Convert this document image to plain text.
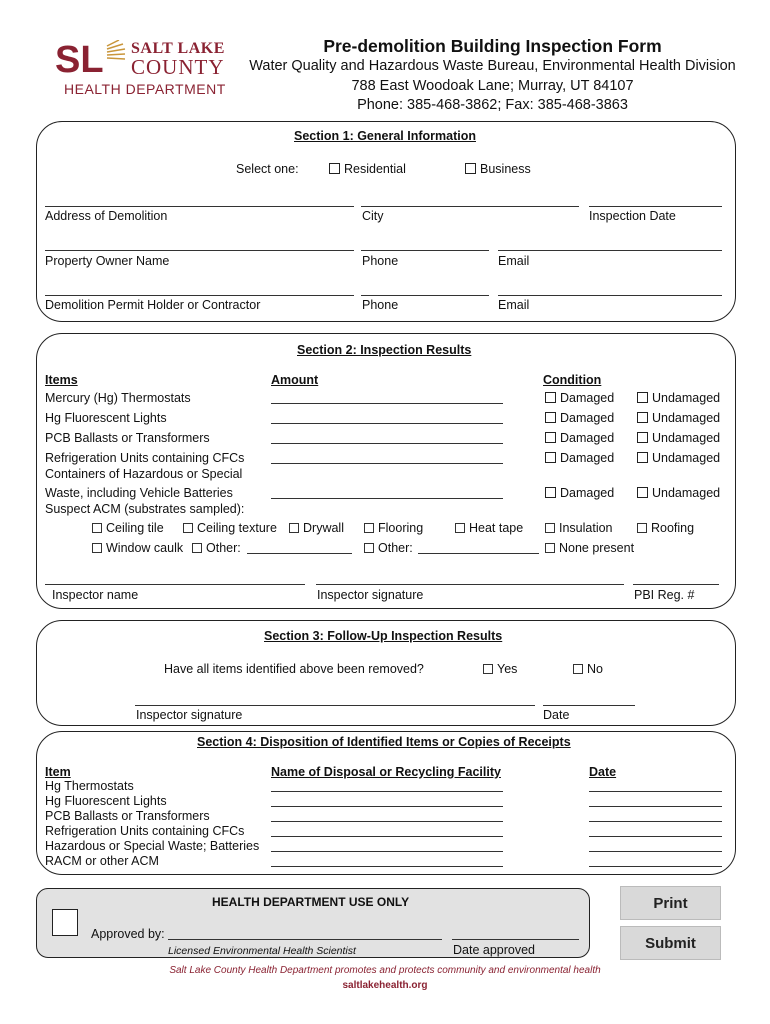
SL SALT LAKE
COUNTY
HEALTH DEPARTMENT
Pre-demolition Building Inspection Form
Water Quality and Hazardous Waste Bureau, Environmental Health Division
788 East Woodoak Lane; Murray, UT 84107
Phone: 385-468-3862; Fax: 385-468-3863
Section 1: General Information
Select one:	Residential	Business
Address of Demolition	City	Inspection Date
Property Owner Name	Phone	Email
Demolition Permit Holder or Contractor	Phone	Email
Section 2: Inspection Results
Items	Amount	Condition
Mercury (Hg) Thermostats	Damaged	Undamaged
Hg Fluorescent Lights	Damaged	Undamaged
PCB Ballasts or Transformers	Damaged	Undamaged
Refrigeration Units containing CFCs	Damaged	Undamaged
Containers of Hazardous or Special
Waste, including Vehicle Batteries	Damaged	Undamaged
Suspect ACM (substrates sampled):
Ceiling tile	Ceiling texture	Drywall	Flooring	Heat tape	Insulation	Roofing
Window caulk	Other:	Other:	None present
Inspector name	Inspector signature	PBI Reg. #
Section 3: Follow-Up Inspection Results
Have all items identified above been removed?	Yes	No
Inspector signature	Date
Section 4: Disposition of Identified Items or Copies of Receipts
Item	Name of Disposal or Recycling Facility	Date
Hg Thermostats
Hg Fluorescent Lights
PCB Ballasts or Transformers
Refrigeration Units containing CFCs
Hazardous or Special Waste; Batteries
RACM or other ACM
HEALTH DEPARTMENT USE ONLY
Approved by:
Licensed Environmental Health Scientist	Date approved
Print
Submit
Salt Lake County Health Department promotes and protects community and environmental health
saltlakehealth.org
